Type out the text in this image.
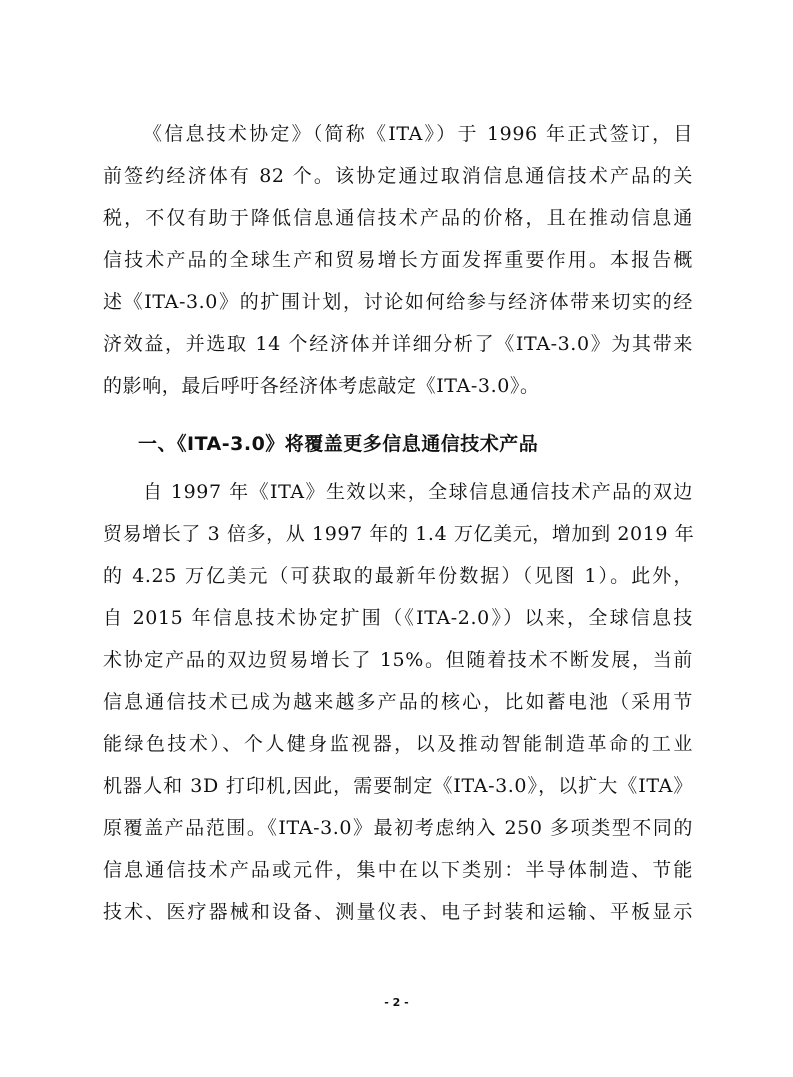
《信息技术协定》（简称《ITA》）于 1996 年正式签订，目
前签约经济体有 82 个。该协定通过取消信息通信技术产品的关
税，不仅有助于降低信息通信技术产品的价格，且在推动信息通
信技术产品的全球生产和贸易增长方面发挥重要作用。本报告概
述《ITA-3.0》的扩围计划，讨论如何给参与经济体带来切实的经
济效益，并选取 14 个经济体并详细分析了《ITA-3.0》为其带来
的影响，最后呼吁各经济体考虑敲定《ITA-3.0》。
一、《ITA-3.0》将覆盖更多信息通信技术产品
自 1997 年《ITA》生效以来，全球信息通信技术产品的双边
贸易增长了 3 倍多，从 1997 年的 1.4 万亿美元，增加到 2019 年
的 4.25 万亿美元（可获取的最新年份数据）（见图 1）。此外，
自 2015 年信息技术协定扩围（《ITA-2.0》）以来，全球信息技
术协定产品的双边贸易增长了 15%。但随着技术不断发展，当前
信息通信技术已成为越来越多产品的核心，比如蓄电池（采用节
能绿色技术）、个人健身监视器，以及推动智能制造革命的工业
机器人和 3D 打印机,因此，需要制定《ITA-3.0》，以扩大《ITA》
原覆盖产品范围。《ITA-3.0》最初考虑纳入 250 多项类型不同的
信息通信技术产品或元件，集中在以下类别：半导体制造、节能
技术、医疗器械和设备、测量仪表、电子封装和运输、平板显示
- 2 -
